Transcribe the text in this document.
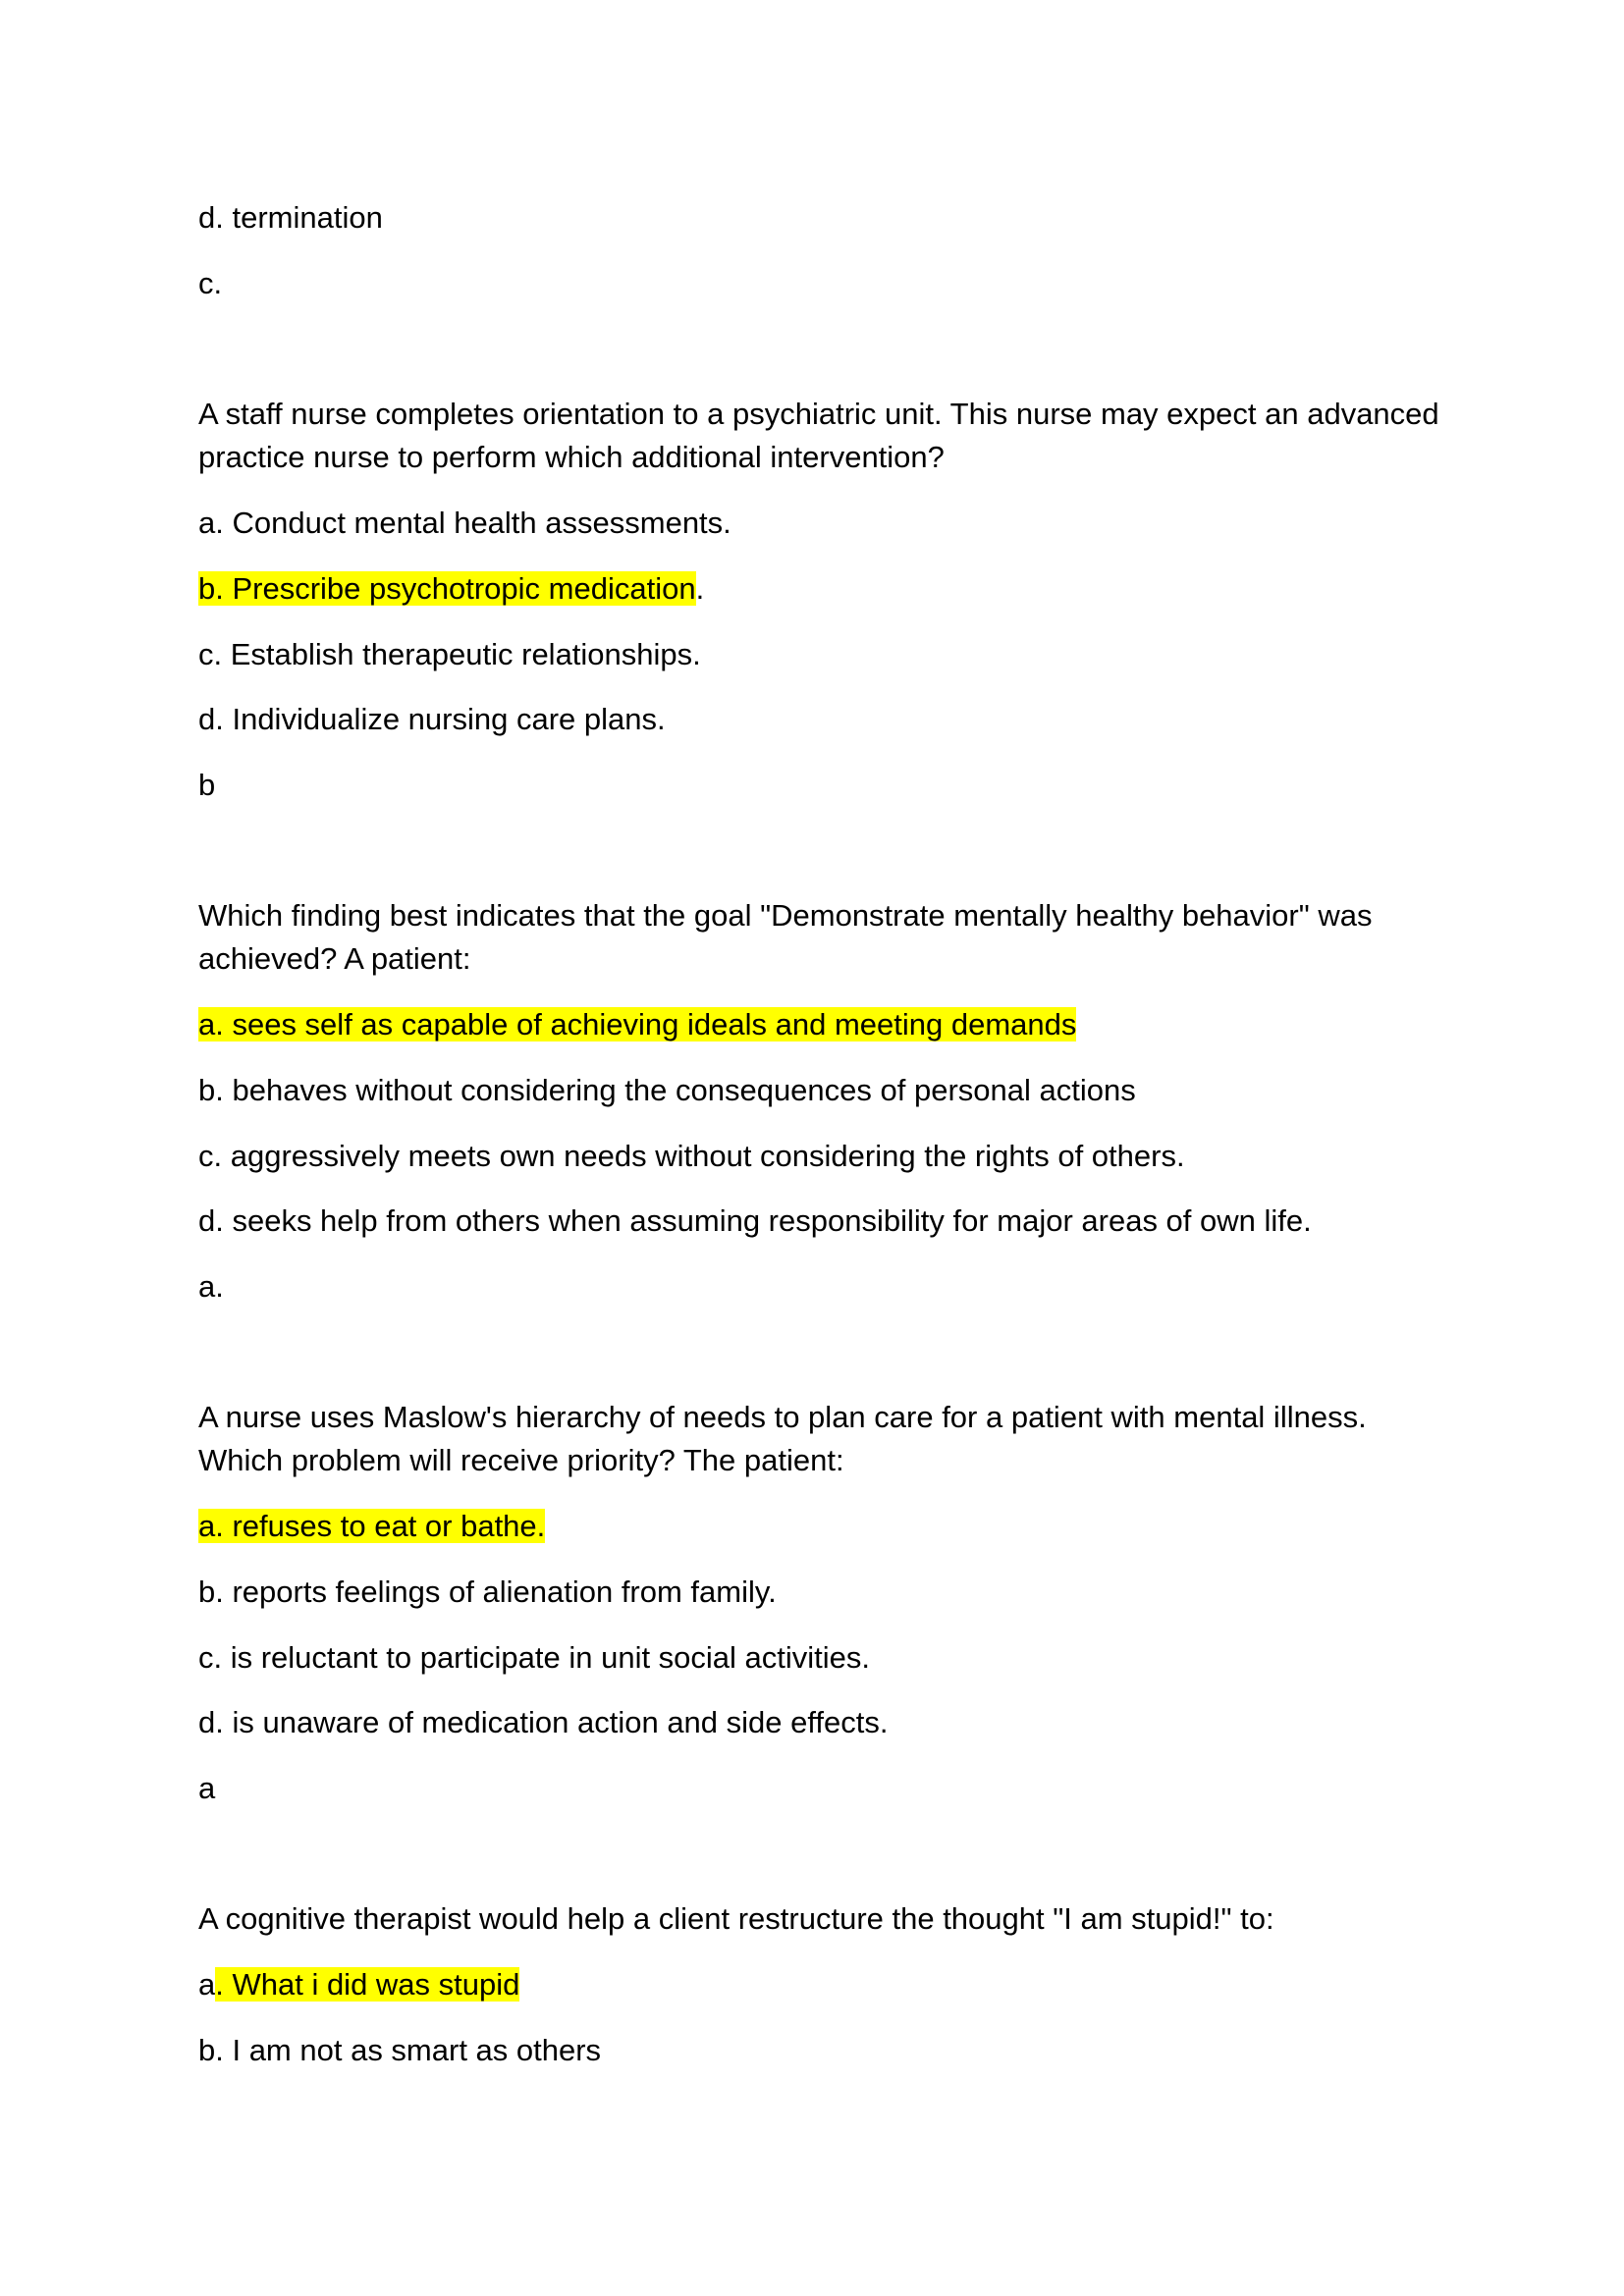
d. termination

c.

A staff nurse completes orientation to a psychiatric unit. This nurse may expect an advanced

practice nurse to perform which additional intervention?

a. Conduct mental health assessments.

b. Prescribe psychotropic medication.

c. Establish therapeutic relationships.

d. Individualize nursing care plans.

b

Which finding best indicates that the goal "Demonstrate mentally healthy behavior" was

achieved? A patient:

a. sees self as capable of achieving ideals and meeting demands

b. behaves without considering the consequences of personal actions

c. aggressively meets own needs without considering the rights of others.

d. seeks help from others when assuming responsibility for major areas of own life.

a.

A nurse uses Maslow's hierarchy of needs to plan care for a patient with mental illness.

Which problem will receive priority? The patient:

a. refuses to eat or bathe.

b. reports feelings of alienation from family.

c. is reluctant to participate in unit social activities.

d. is unaware of medication action and side effects.

a

A cognitive therapist would help a client restructure the thought "I am stupid!" to:

a. What i did was stupid

b. I am not as smart as others
